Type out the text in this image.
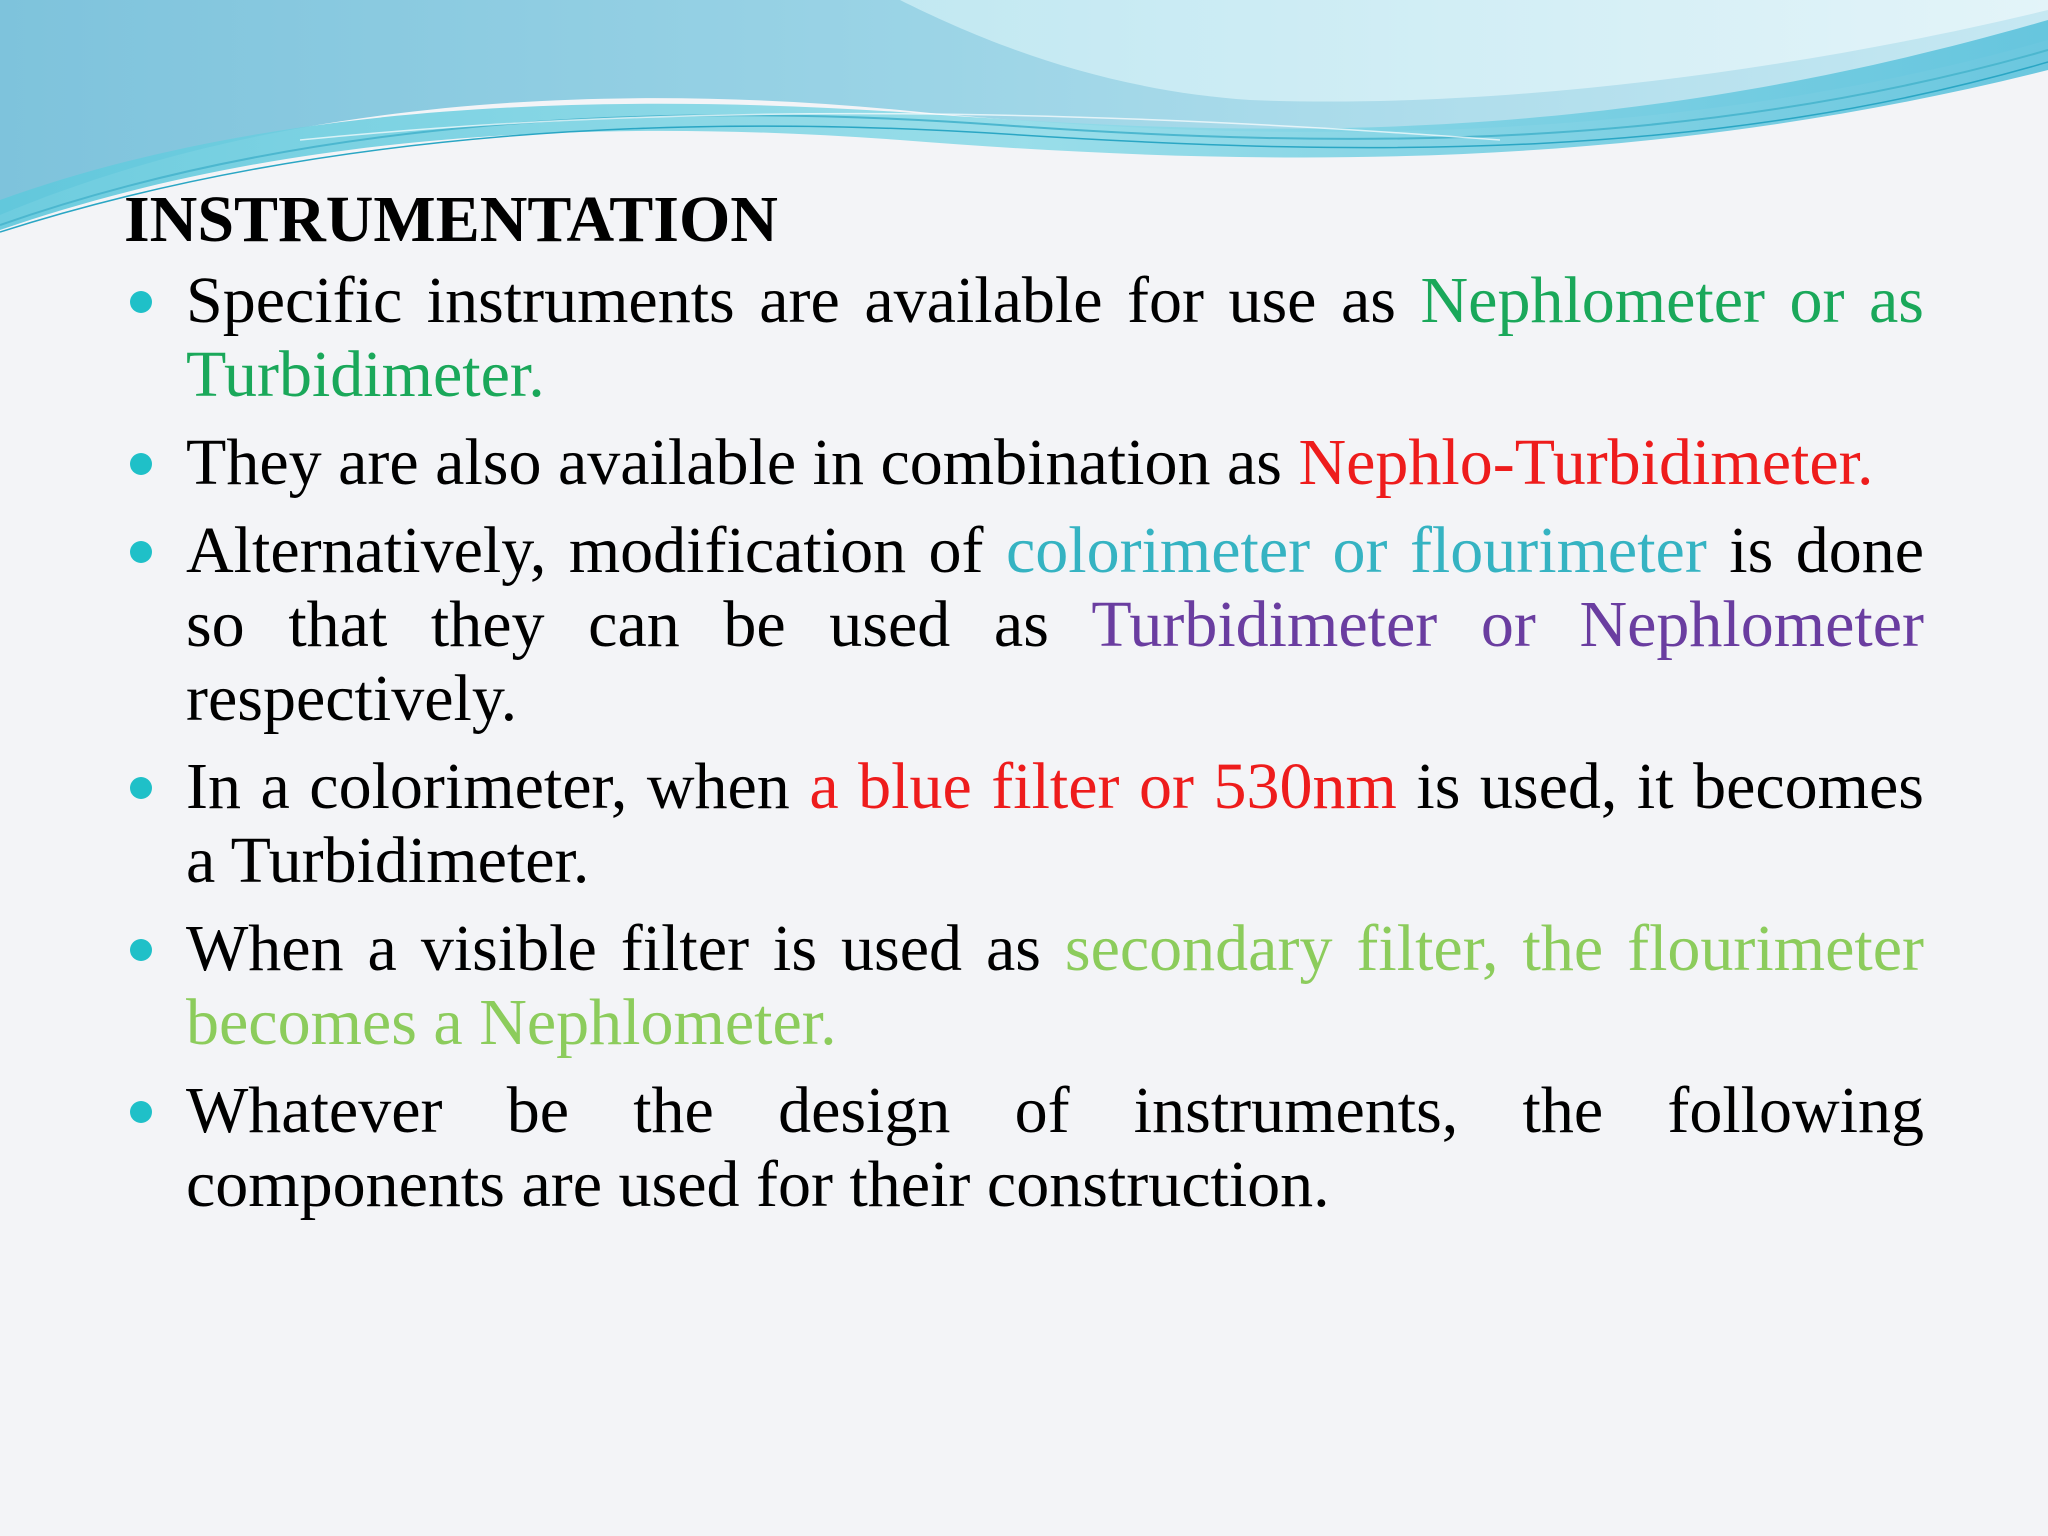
INSTRUMENTATION
Specific instruments are available for use as Nephlometer or as Turbidimeter.
They are also available in combination as Nephlo-Turbidimeter.
Alternatively, modification of colorimeter or flourimeter is done so that they can be used as Turbidimeter or Nephlometer respectively.
In a colorimeter, when a blue filter or 530nm is used, it becomes a Turbidimeter.
When a visible filter is used as secondary filter, the flourimeter becomes a Nephlometer.
Whatever be the design of instruments, the following components are used for their construction.
